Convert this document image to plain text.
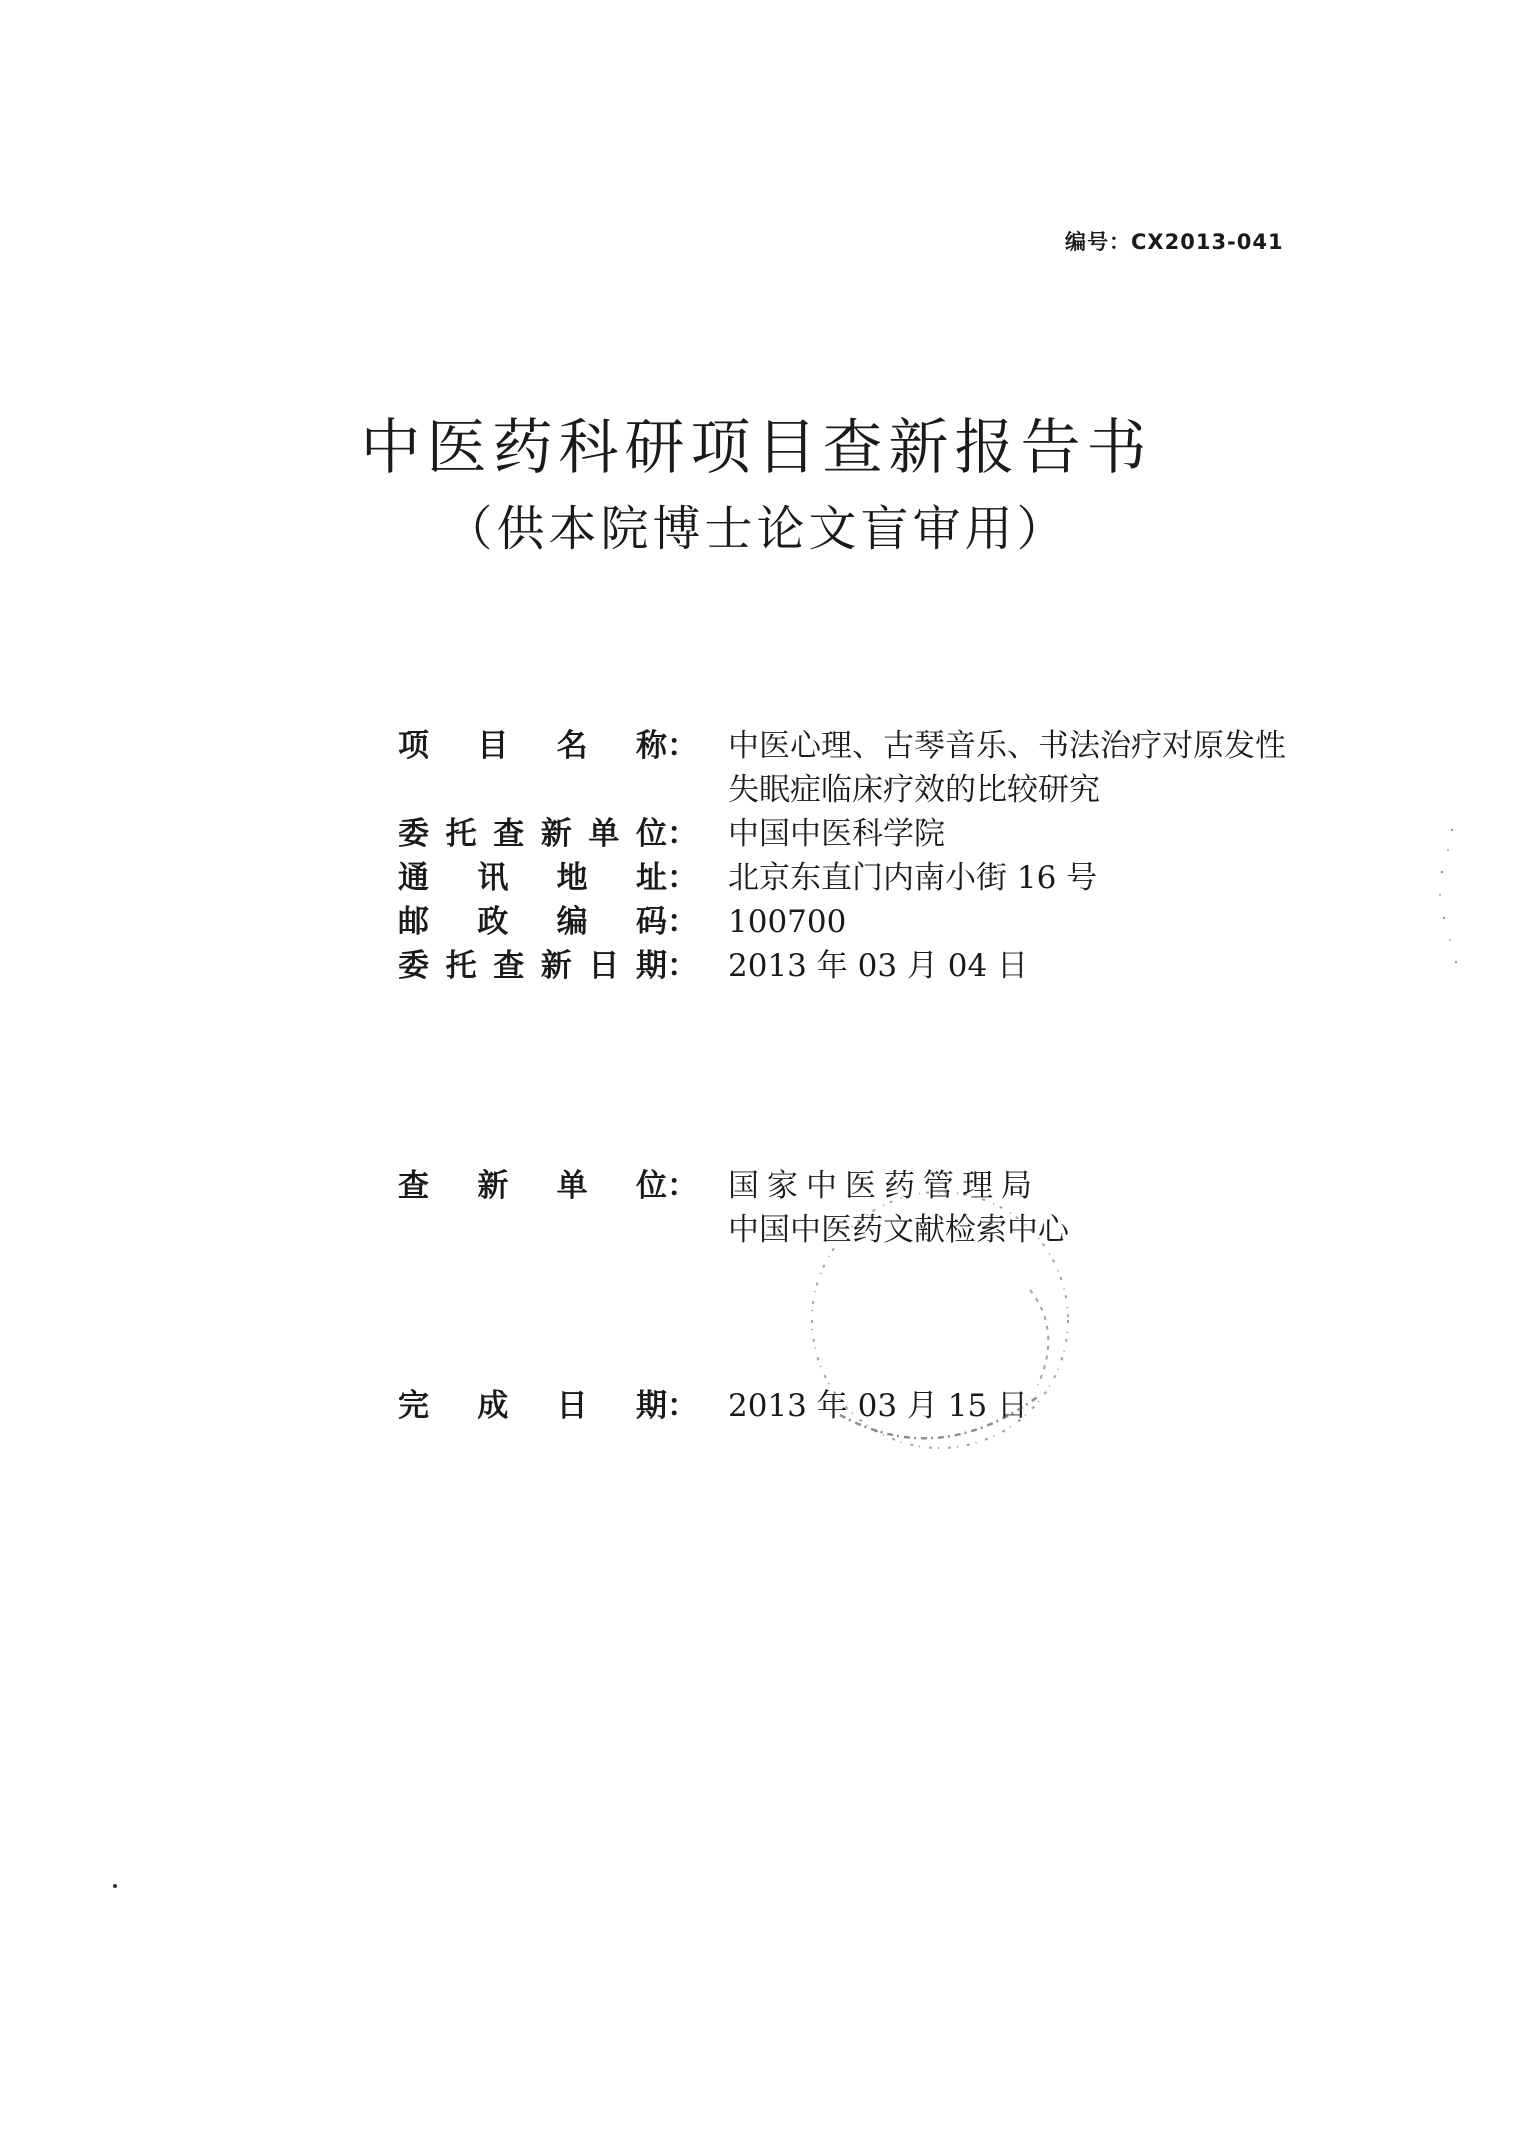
编号：CX2013-041
中医药科研项目查新报告书
（供本院博士论文盲审用）
项 目 名 称： 中医心理、古琴音乐、书法治疗对原发性
失眠症临床疗效的比较研究
委 托 查 新 单 位： 中国中医科学院
通 讯 地 址： 北京东直门内南小街 16 号
邮 政 编 码： 100700
委 托 查 新 日 期： 2013 年 03 月 04 日
查 新 单 位： 国家中医药管理局
中国中医药文献检索中心
完 成 日 期： 2013 年 03 月 15 日
